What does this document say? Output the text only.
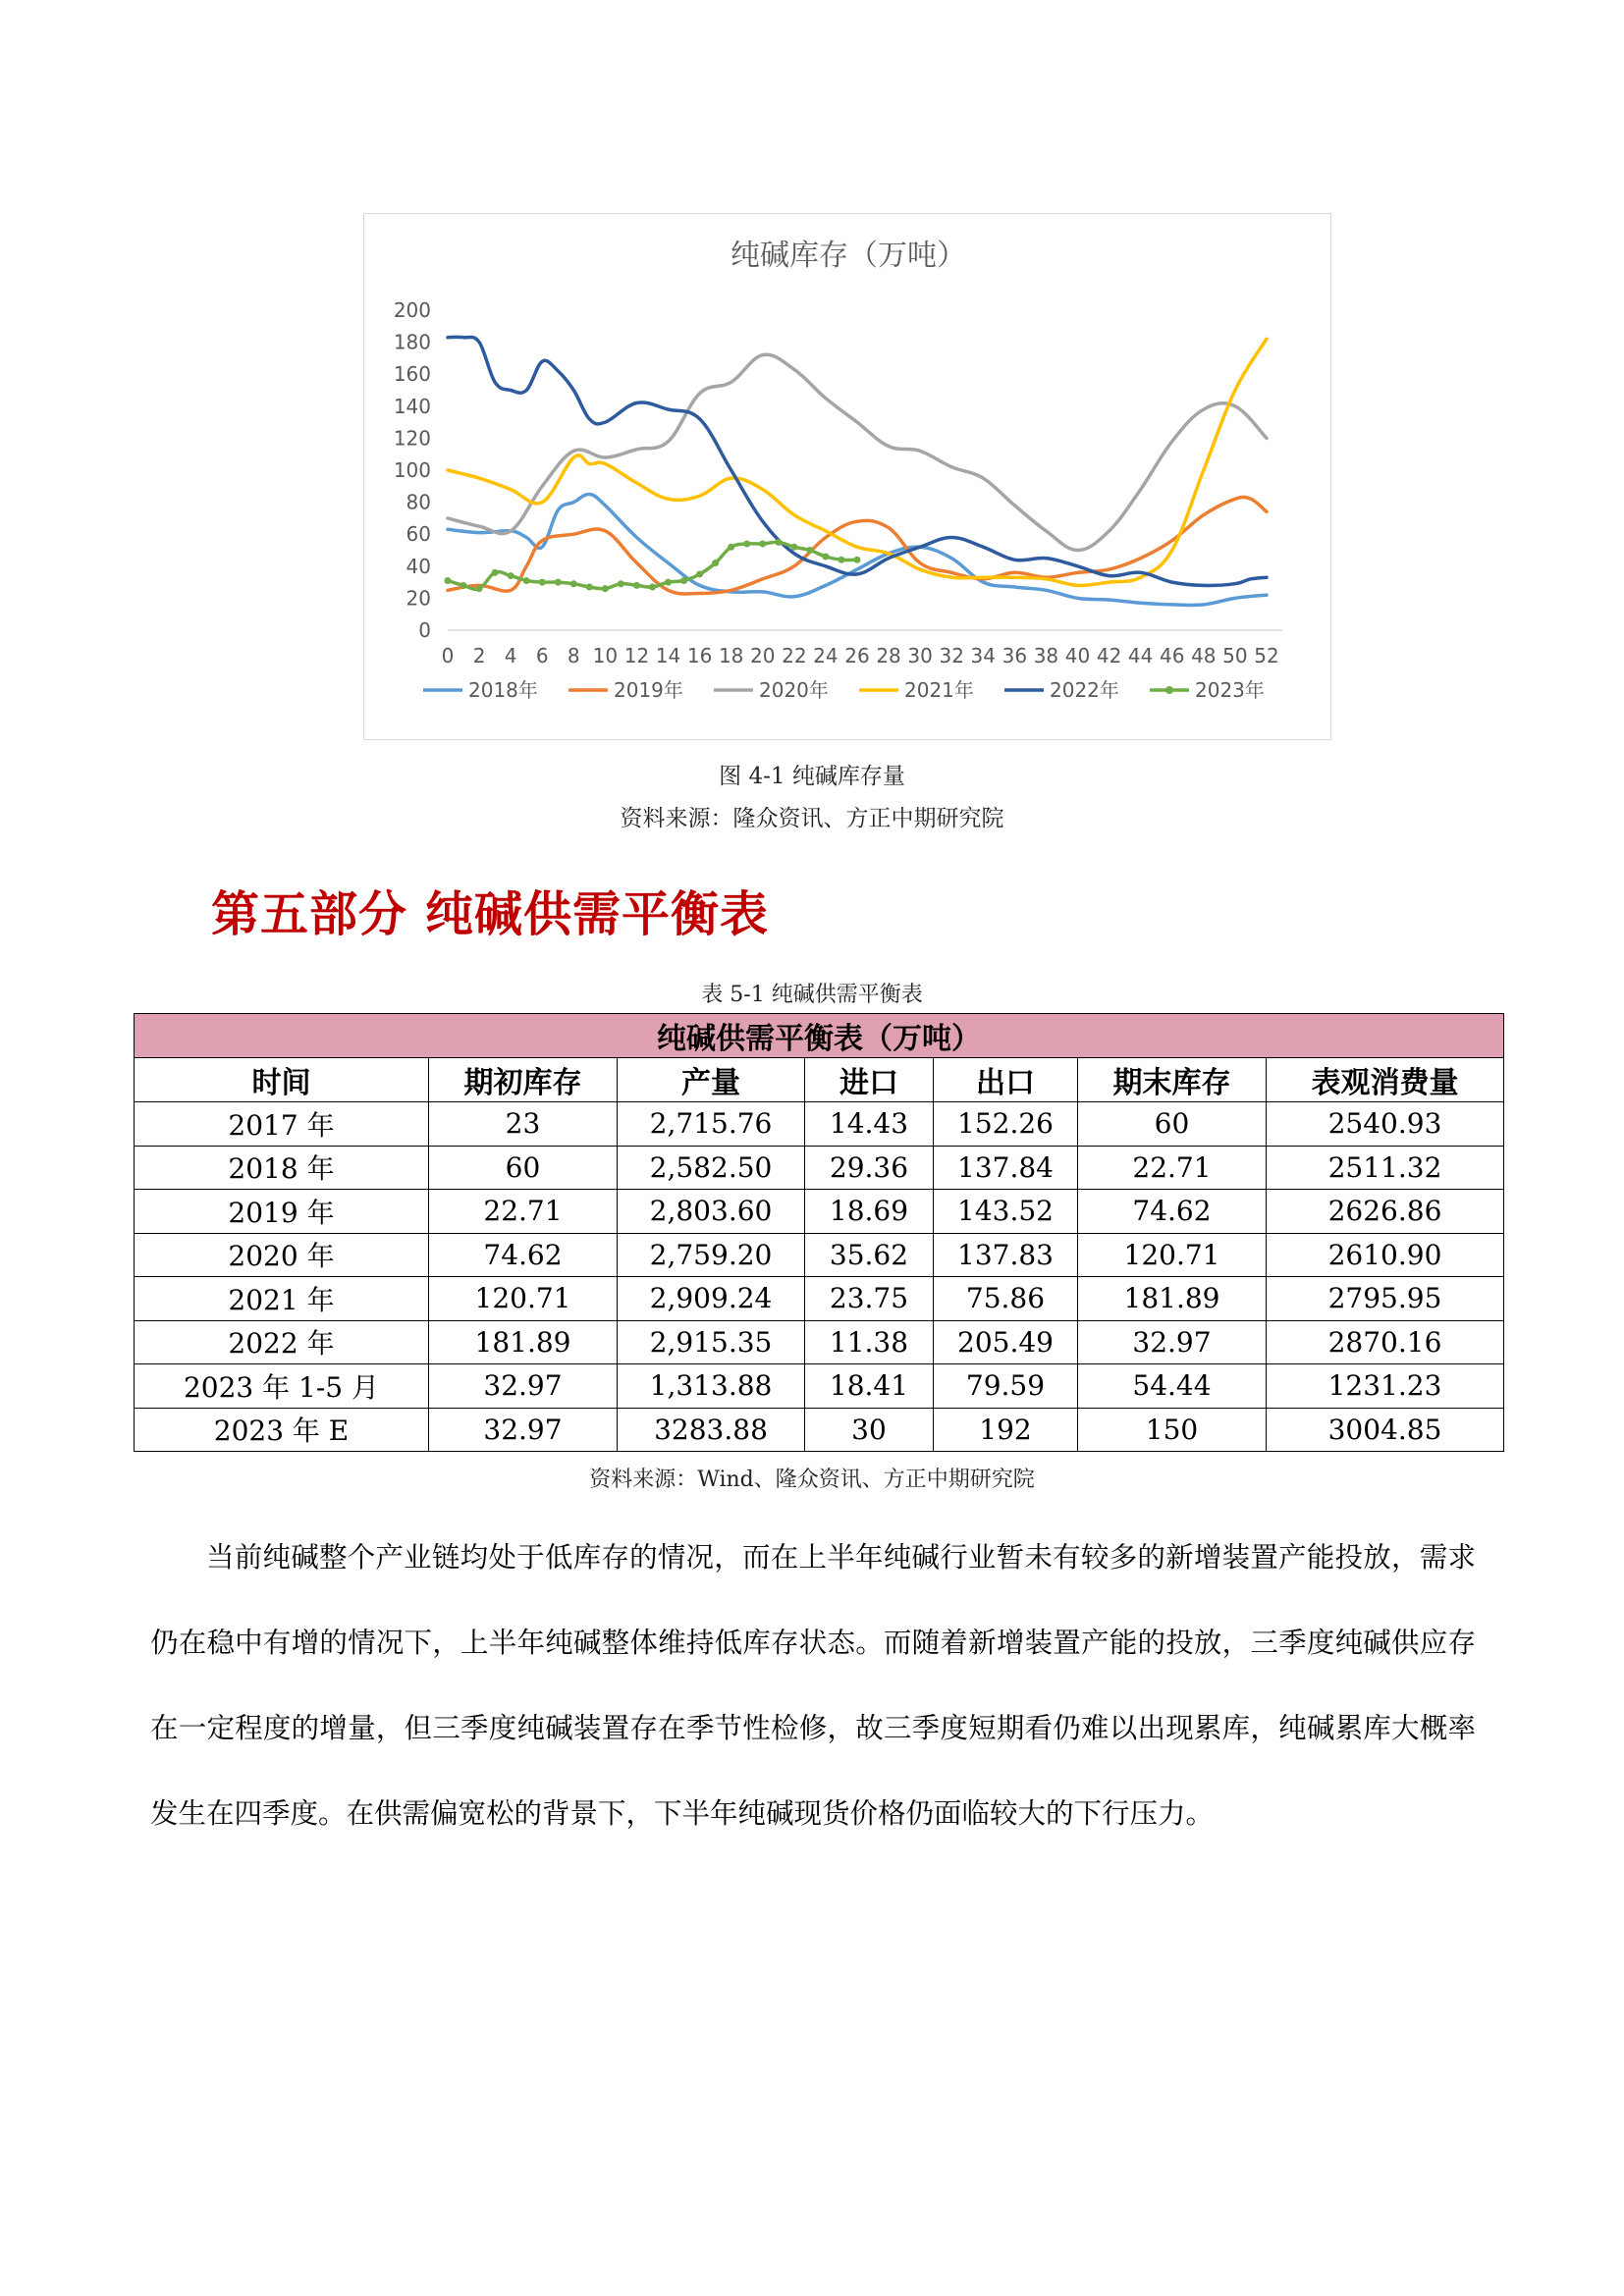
纯碱库存（万吨）
0
20
40
60
80
100
120
140
160
180
200
0 2 4 6 8 10 12 14 16 18 20 22 24 26 28 30 32 34 36 38 40 42 44 46 48 50 52
2018年	2019年	2020年	2021年	2022年	2023年
图 4-1 纯碱库存量
资料来源：隆众资讯、方正中期研究院
第五部分 纯碱供需平衡表
表 5-1 纯碱供需平衡表
纯碱供需平衡表（万吨）						
时间	期初库存	产量	进口	出口	期末库存	表观消费量
2017 年	23	2,715.76	14.43	152.26	60	2540.93
2018 年	60	2,582.50	29.36	137.84	22.71	2511.32
2019 年	22.71	2,803.60	18.69	143.52	74.62	2626.86
2020 年	74.62	2,759.20	35.62	137.83	120.71	2610.90
2021 年	120.71	2,909.24	23.75	75.86	181.89	2795.95
2022 年	181.89	2,915.35	11.38	205.49	32.97	2870.16
2023 年 1-5 月	32.97	1,313.88	18.41	79.59	54.44	1231.23
2023 年 E	32.97	3283.88	30	192	150	3004.85
资料来源：Wind、隆众资讯、方正中期研究院

当前纯碱整个产业链均处于低库存的情况，而在上半年纯碱行业暂未有较多的新增装置产能投放，需求仍在稳中有增的情况下，上半年纯碱整体维持低库存状态。而随着新增装置产能的投放，三季度纯碱供应存在一定程度的增量，但三季度纯碱装置存在季节性检修，故三季度短期看仍难以出现累库，纯碱累库大概率发生在四季度。在供需偏宽松的背景下，下半年纯碱现货价格仍面临较大的下行压力。
